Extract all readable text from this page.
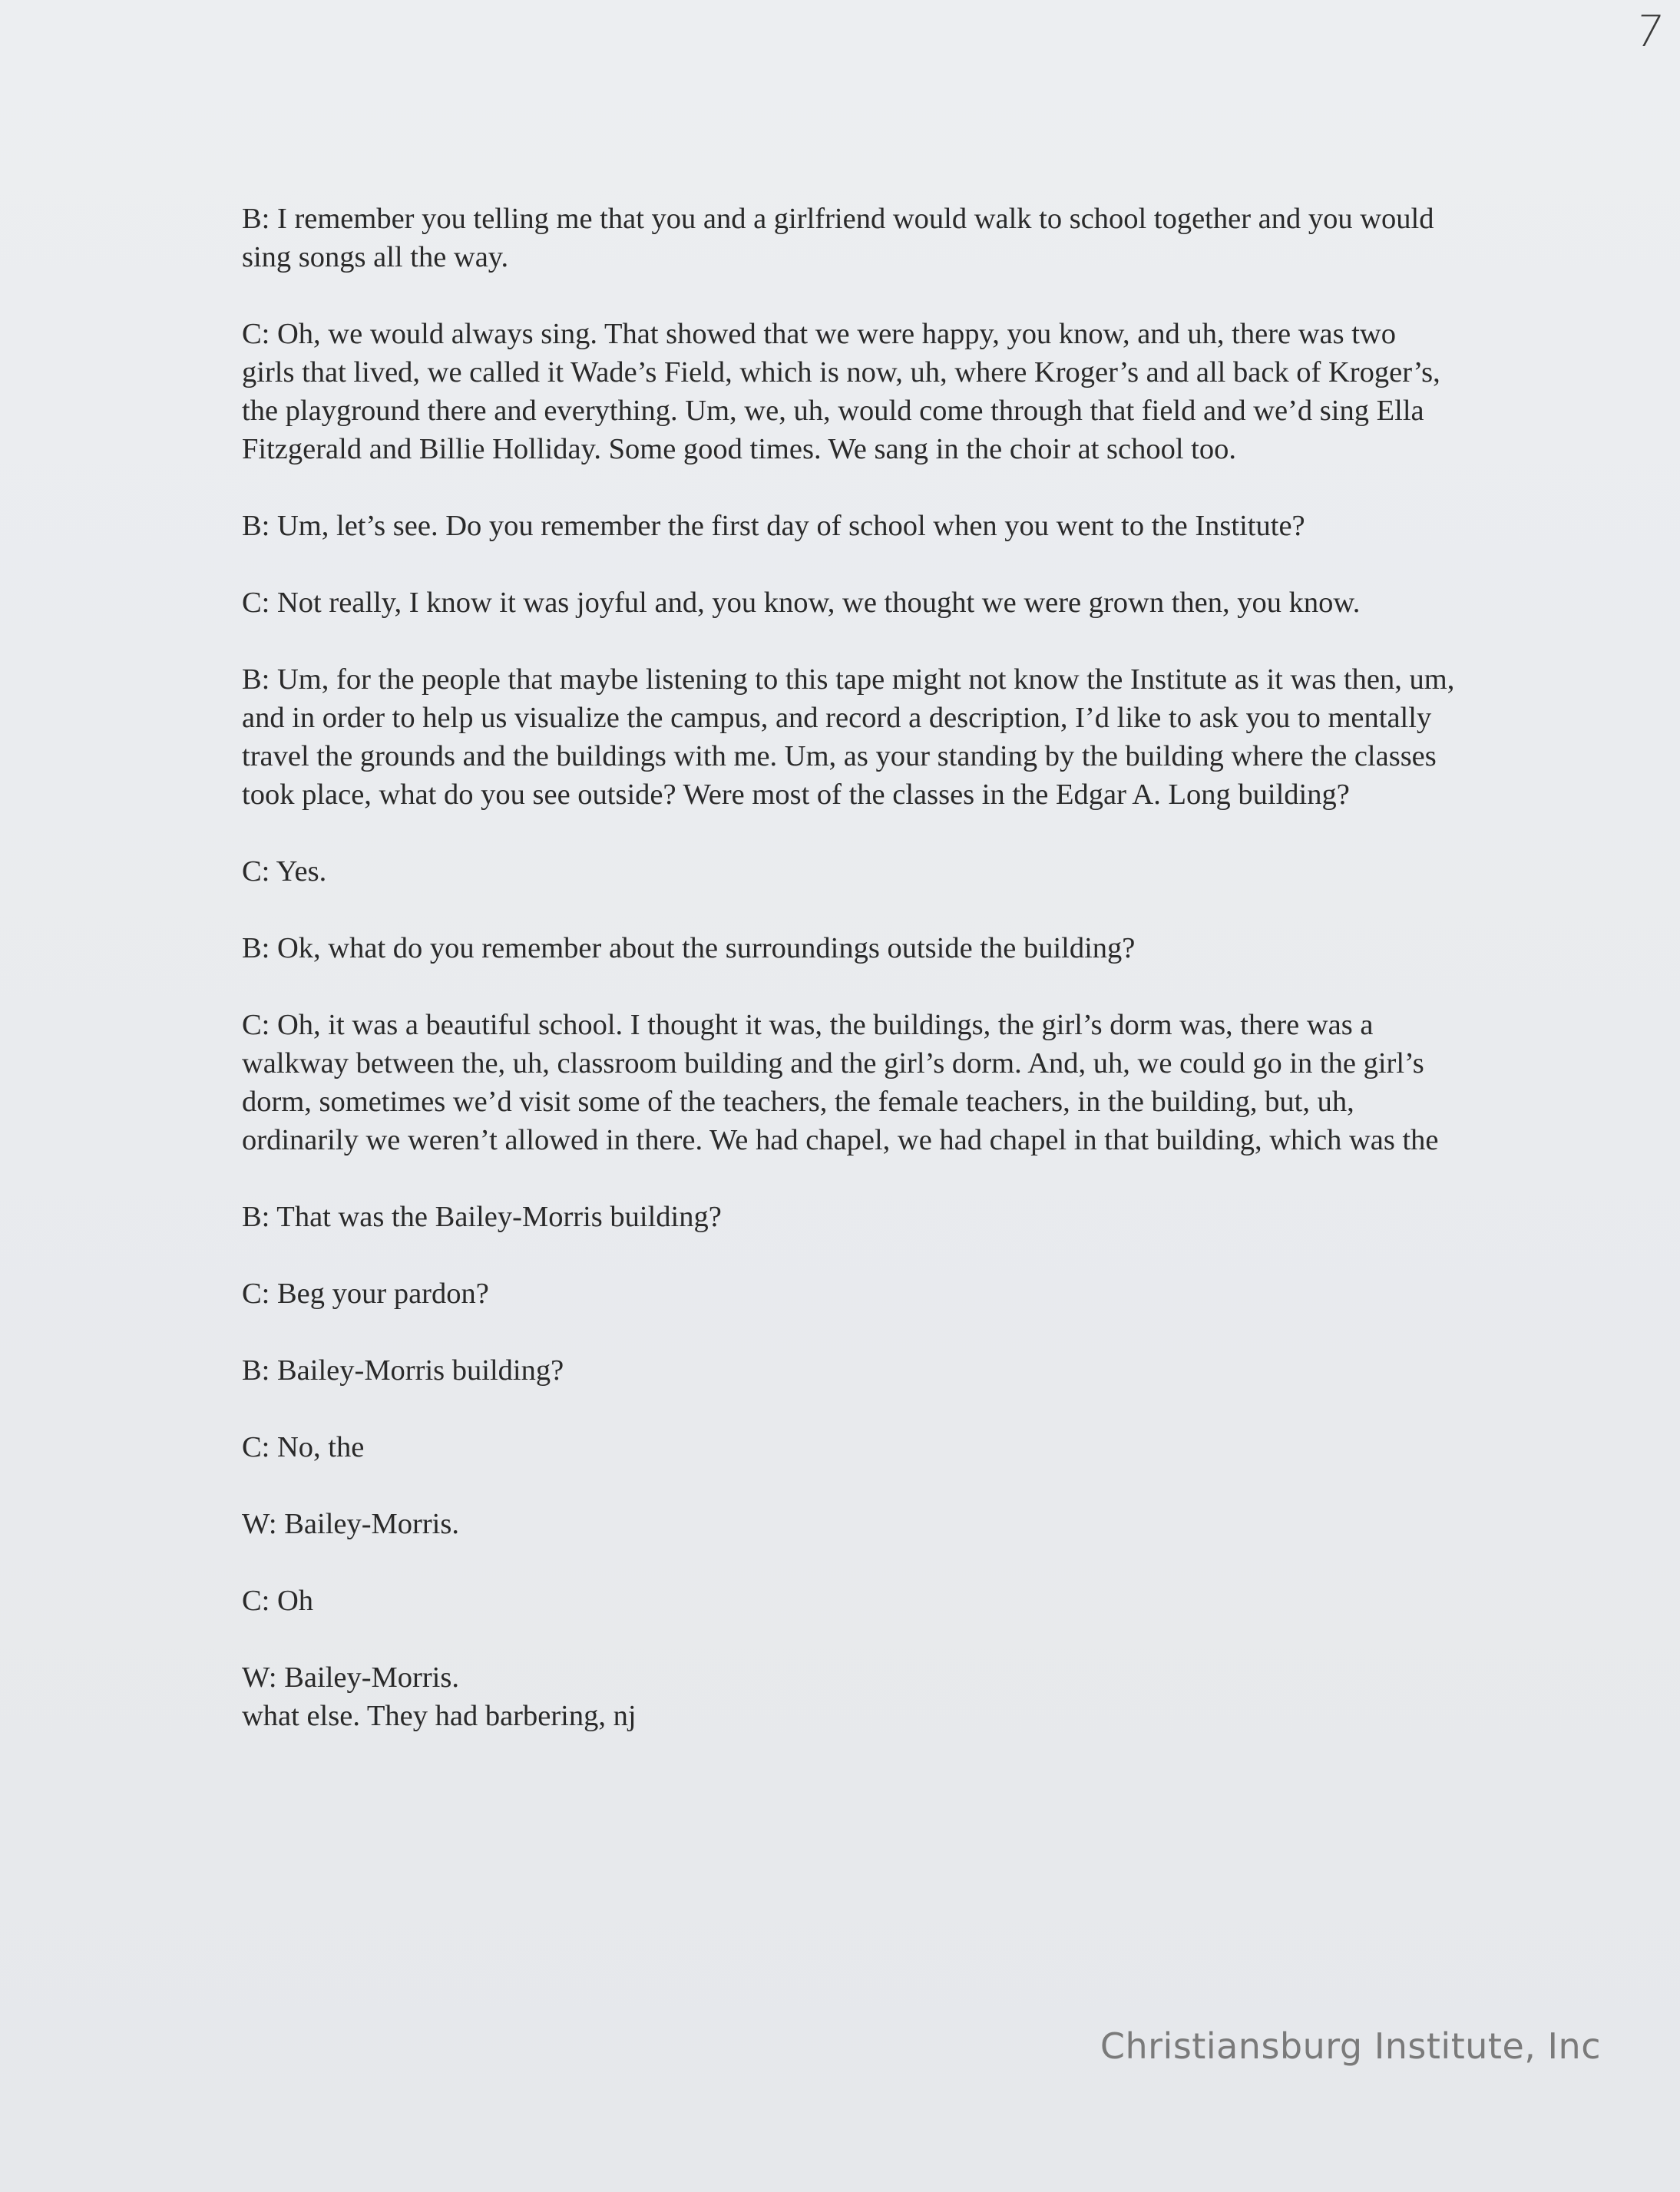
7

B: I remember you telling me that you and a girlfriend would walk to school together and you would sing songs all the way.

C: Oh, we would always sing. That showed that we were happy, you know, and uh, there was two girls that lived, we called it Wade’s Field, which is now, uh, where Kroger’s and all back of Kroger’s, the playground there and everything. Um, we, uh, would come through that field and we’d sing Ella Fitzgerald and Billie Holliday. Some good times. We sang in the choir at school too.

B: Um, let’s see. Do you remember the first day of school when you went to the Institute?

C: Not really, I know it was joyful and, you know, we thought we were grown then, you know.

B: Um, for the people that maybe listening to this tape might not know the Institute as it was then, um, and in order to help us visualize the campus, and record a description, I’d like to ask you to mentally travel the grounds and the buildings with me. Um, as your standing by the building where the classes took place, what do you see outside? Were most of the classes in the Edgar A. Long building?

C: Yes.

B: Ok, what do you remember about the surroundings outside the building?

C: Oh, it was a beautiful school. I thought it was, the buildings, the girl’s dorm was, there was a walkway between the, uh, classroom building and the girl’s dorm. And, uh, we could go in the girl’s dorm, sometimes we’d visit some of the teachers, the female teachers, in the building, but, uh, ordinarily we weren’t allowed in there. We had chapel, we had chapel in that building, which was the

B: That was the Bailey-Morris building?

C: Beg your pardon?

B: Bailey-Morris building?

C: No, the

W: Bailey-Morris.

C: Oh

W: Bailey-Morris.

what else. They had barbering, nj

Christiansburg Institute, Inc
